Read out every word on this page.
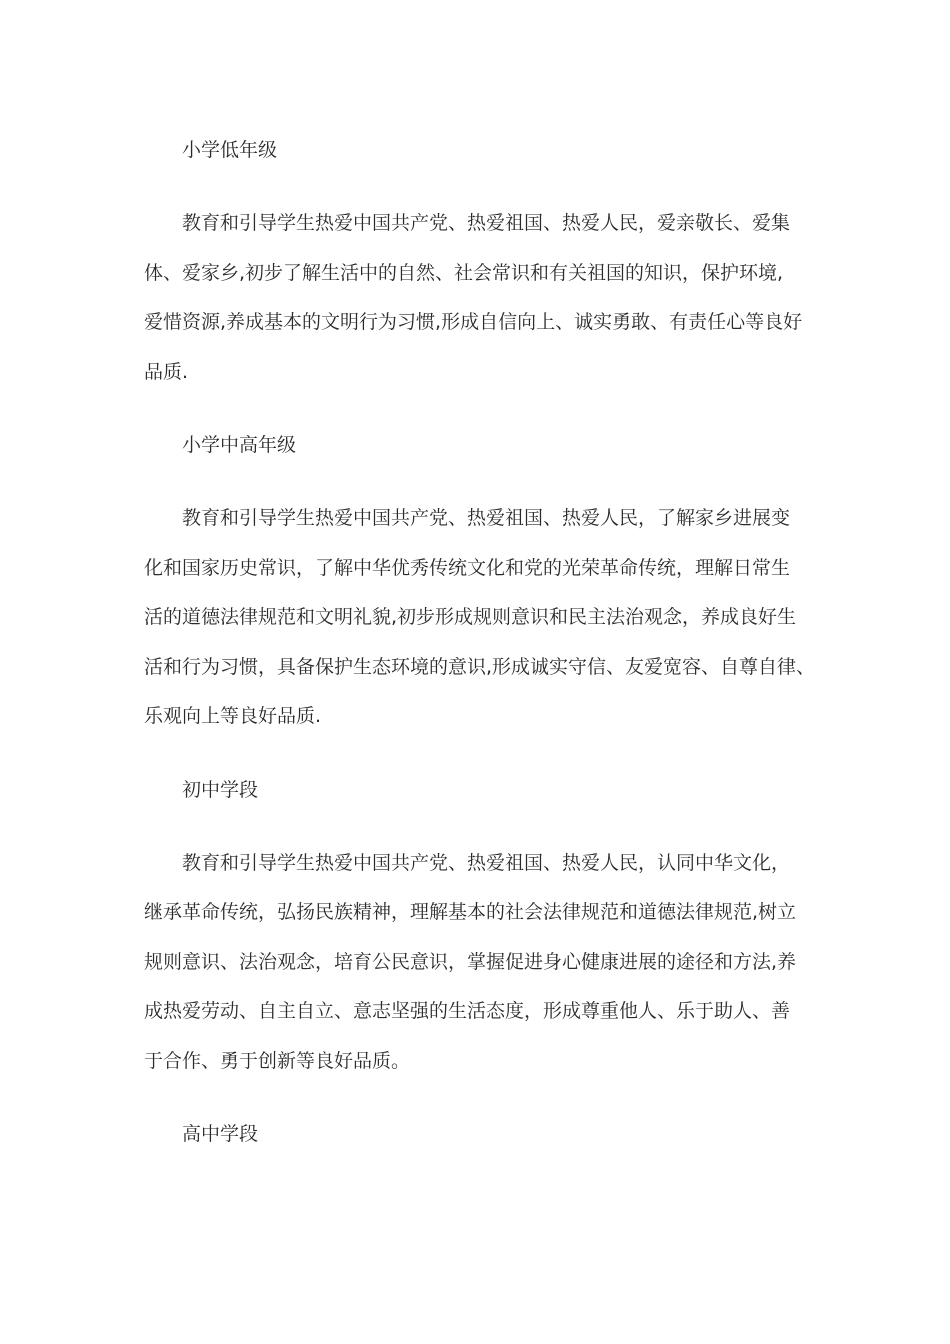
小学低年级
教育和引导学生热爱中国共产党、热爱祖国、热爱人民，爱亲敬长、爱集
体、爱家乡,初步了解生活中的自然、社会常识和有关祖国的知识，保护环境,
爱惜资源,养成基本的文明行为习惯,形成自信向上、诚实勇敢、有责任心等良好
品质.
小学中高年级
教育和引导学生热爱中国共产党、热爱祖国、热爱人民，了解家乡进展变
化和国家历史常识，了解中华优秀传统文化和党的光荣革命传统，理解日常生
活的道德法律规范和文明礼貌,初步形成规则意识和民主法治观念，养成良好生
活和行为习惯，具备保护生态环境的意识,形成诚实守信、友爱宽容、自尊自律、
乐观向上等良好品质.
初中学段
教育和引导学生热爱中国共产党、热爱祖国、热爱人民，认同中华文化，
继承革命传统，弘扬民族精神，理解基本的社会法律规范和道德法律规范,树立
规则意识、法治观念，培育公民意识，掌握促进身心健康进展的途径和方法,养
成热爱劳动、自主自立、意志坚强的生活态度，形成尊重他人、乐于助人、善
于合作、勇于创新等良好品质。
高中学段
